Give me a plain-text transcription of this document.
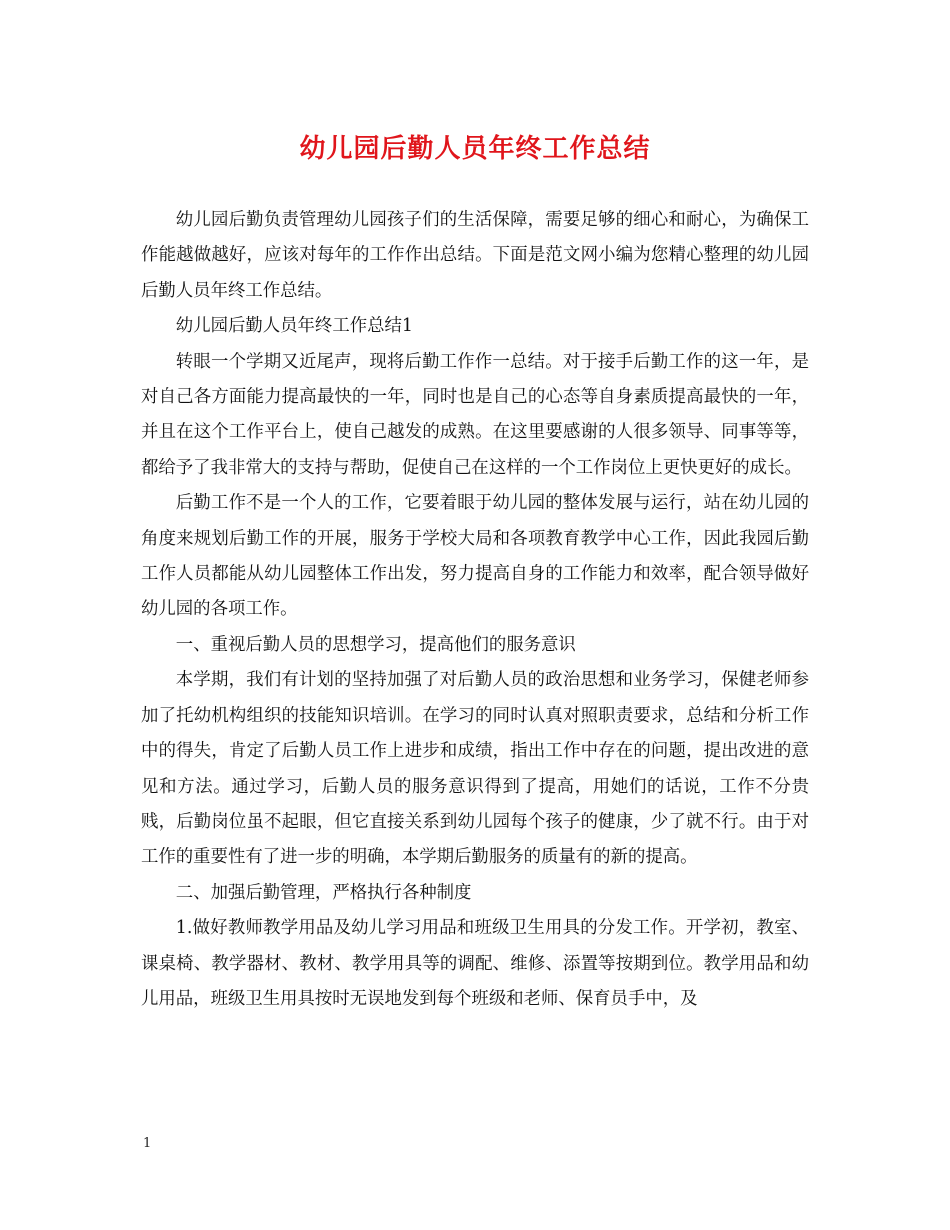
幼儿园后勤人员年终工作总结

幼儿园后勤负责管理幼儿园孩子们的生活保障，需要足够的细心和耐心，为确保工作能越做越好，应该对每年的工作作出总结。下面是范文网小编为您精心整理的幼儿园后勤人员年终工作总结。

幼儿园后勤人员年终工作总结1

转眼一个学期又近尾声，现将后勤工作作一总结。对于接手后勤工作的这一年，是对自己各方面能力提高最快的一年，同时也是自己的心态等自身素质提高最快的一年，并且在这个工作平台上，使自己越发的成熟。在这里要感谢的人很多领导、同事等等，都给予了我非常大的支持与帮助，促使自己在这样的一个工作岗位上更快更好的成长。

后勤工作不是一个人的工作，它要着眼于幼儿园的整体发展与运行，站在幼儿园的角度来规划后勤工作的开展，服务于学校大局和各项教育教学中心工作，因此我园后勤工作人员都能从幼儿园整体工作出发，努力提高自身的工作能力和效率，配合领导做好幼儿园的各项工作。

一、重视后勤人员的思想学习，提高他们的服务意识

本学期，我们有计划的坚持加强了对后勤人员的政治思想和业务学习，保健老师参加了托幼机构组织的技能知识培训。在学习的同时认真对照职责要求，总结和分析工作中的得失，肯定了后勤人员工作上进步和成绩，指出工作中存在的问题，提出改进的意见和方法。通过学习，后勤人员的服务意识得到了提高，用她们的话说，工作不分贵贱，后勤岗位虽不起眼，但它直接关系到幼儿园每个孩子的健康，少了就不行。由于对工作的重要性有了进一步的明确，本学期后勤服务的质量有的新的提高。

二、加强后勤管理，严格执行各种制度

1.做好教师教学用品及幼儿学习用品和班级卫生用具的分发工作。开学初，教室、课桌椅、教学器材、教材、教学用具等的调配、维修、添置等按期到位。教学用品和幼儿用品，班级卫生用具按时无误地发到每个班级和老师、保育员手中，及

1
